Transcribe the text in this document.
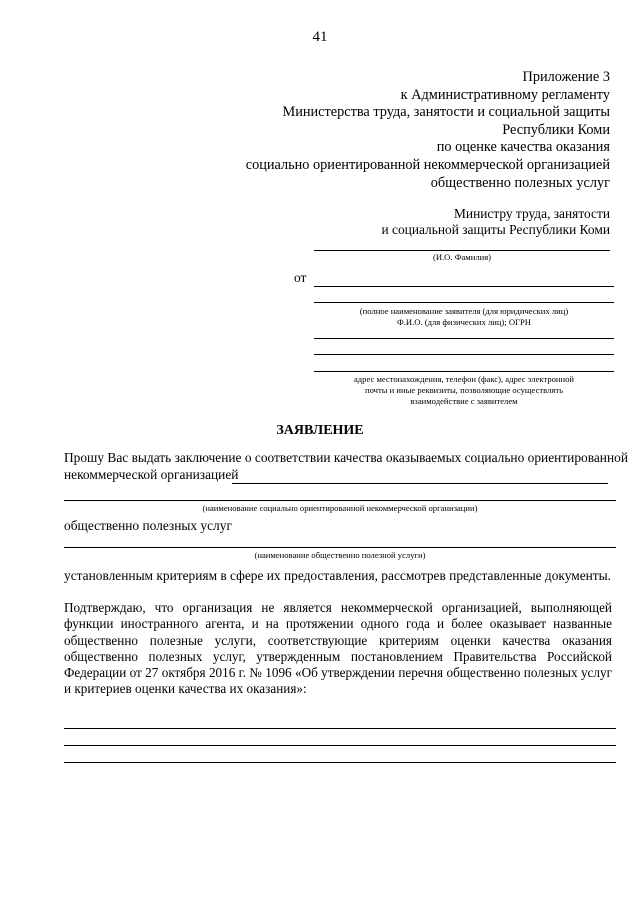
41
Приложение 3
к Административному регламенту
Министерства труда, занятости и социальной защиты
Республики Коми
по оценке качества оказания
социально ориентированной некоммерческой организацией
общественно полезных услуг
Министру труда, занятости
и социальной защиты Республики Коми
(И.О. Фамилия)
от
(полное наименование заявителя (для юридических лиц)
Ф.И.О. (для физических лиц); ОГРН
адрес местонахождения, телефон (факс), адрес электронной
почты и иные реквизиты, позволяющие осуществлять
взаимодействие с заявителем
ЗАЯВЛЕНИЕ
Прошу Вас выдать заключение о соответствии качества оказываемых социально ориентированной
некоммерческой организацией
(наименование социально ориентированной некоммерческой организации)
общественно полезных услуг
(наименование общественно полезной услуги)
установленным критериям в сфере их предоставления, рассмотрев представленные документы.
Подтверждаю, что организация не является некоммерческой организацией, выполняющей функции иностранного агента, и на протяжении одного года и более оказывает названные общественно полезные услуги, соответствующие критериям оценки качества оказания общественно полезных услуг, утвержденным постановлением Правительства Российской Федерации от 27 октября 2016 г. № 1096 «Об утверждении перечня общественно полезных услуг и критериев оценки качества их оказания»:
